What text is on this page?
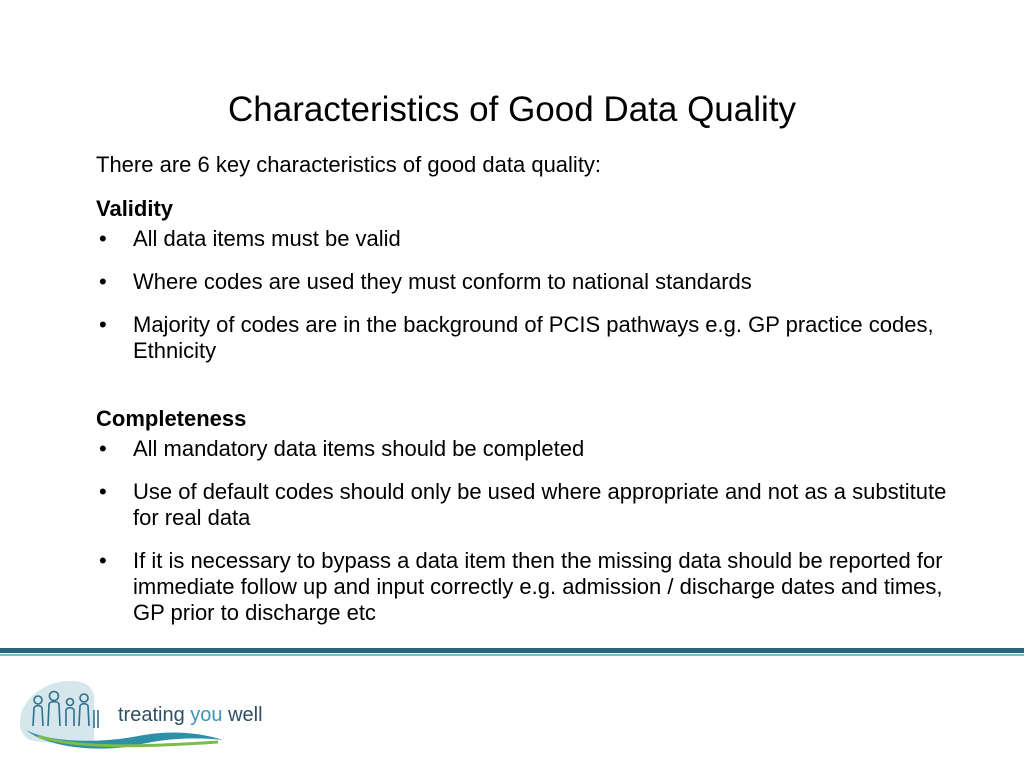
Characteristics of Good Data Quality

There are 6 key characteristics of good data quality:

Validity
• All data items must be valid
• Where codes are used they must conform to national standards
• Majority of codes are in the background of PCIS pathways e.g. GP practice codes, Ethnicity
Completeness
• All mandatory data items should be completed
• Use of default codes should only be used where appropriate and not as a substitute for real data
• If it is necessary to bypass a data item then the missing data should be reported for immediate follow up and input correctly e.g. admission / discharge dates and times, GP prior to discharge etc
treating you well
